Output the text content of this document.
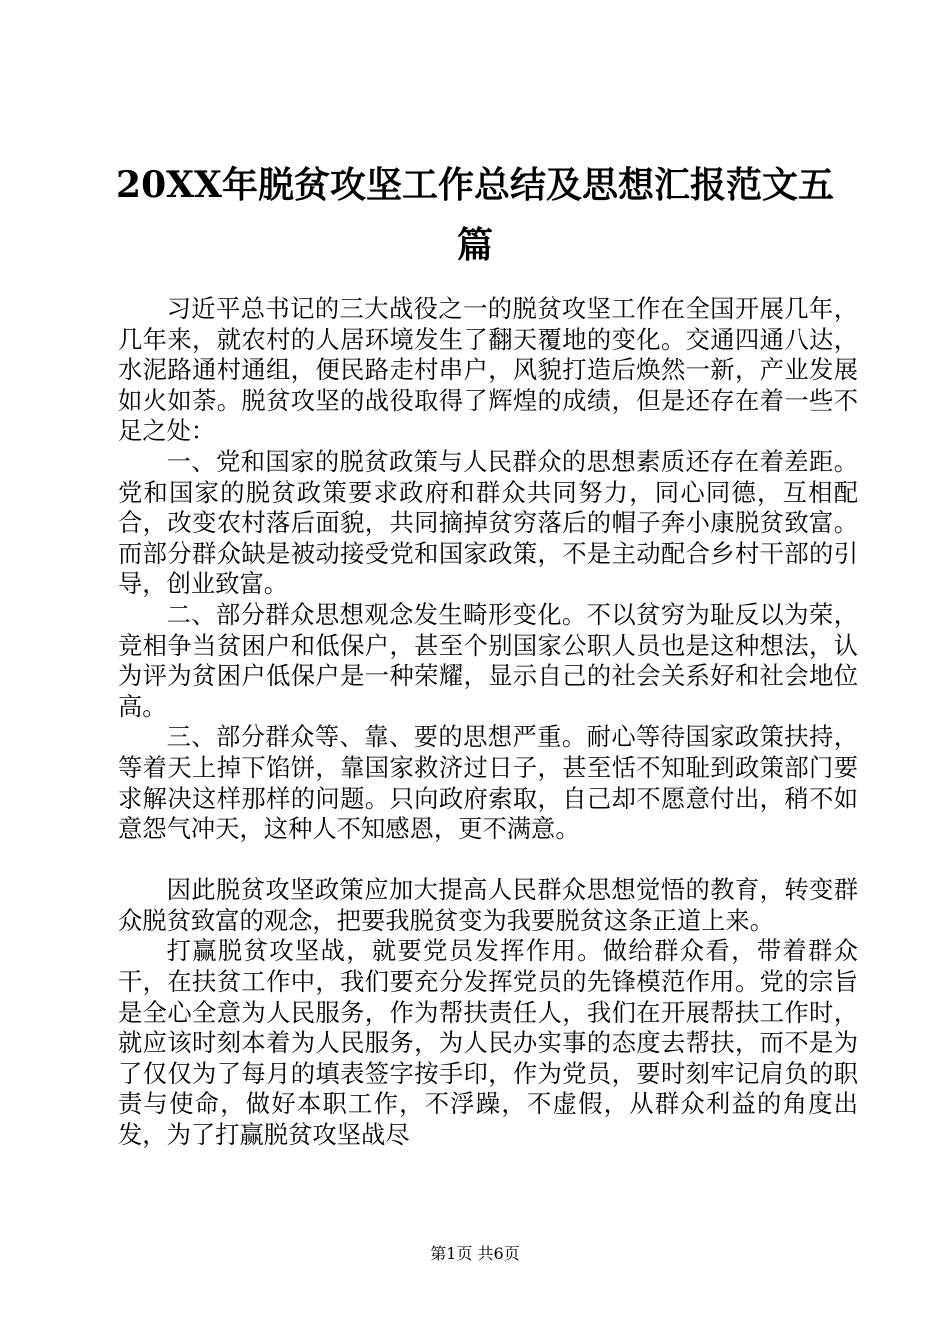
20XX年脱贫攻坚工作总结及思想汇报范文五篇

习近平总书记的三大战役之一的脱贫攻坚工作在全国开展几年，几年来，就农村的人居环境发生了翻天覆地的变化。交通四通八达，水泥路通村通组，便民路走村串户，风貌打造后焕然一新，产业发展如火如荼。脱贫攻坚的战役取得了辉煌的成绩，但是还存在着一些不足之处：

一、党和国家的脱贫政策与人民群众的思想素质还存在着差距。党和国家的脱贫政策要求政府和群众共同努力，同心同德，互相配合，改变农村落后面貌，共同摘掉贫穷落后的帽子奔小康脱贫致富。而部分群众缺是被动接受党和国家政策，不是主动配合乡村干部的引导，创业致富。

二、部分群众思想观念发生畸形变化。不以贫穷为耻反以为荣，竞相争当贫困户和低保户，甚至个别国家公职人员也是这种想法，认为评为贫困户低保户是一种荣耀，显示自己的社会关系好和社会地位高。

三、部分群众等、靠、要的思想严重。耐心等待国家政策扶持，等着天上掉下馅饼，靠国家救济过日子，甚至恬不知耻到政策部门要求解决这样那样的问题。只向政府索取，自己却不愿意付出，稍不如意怨气冲天，这种人不知感恩，更不满意。

因此脱贫攻坚政策应加大提高人民群众思想觉悟的教育，转变群众脱贫致富的观念，把要我脱贫变为我要脱贫这条正道上来。

打赢脱贫攻坚战，就要党员发挥作用。做给群众看，带着群众干，在扶贫工作中，我们要充分发挥党员的先锋模范作用。党的宗旨是全心全意为人民服务，作为帮扶责任人，我们在开展帮扶工作时，就应该时刻本着为人民服务，为人民办实事的态度去帮扶，而不是为了仅仅为了每月的填表签字按手印，作为党员，要时刻牢记肩负的职责与使命，做好本职工作，不浮躁，不虚假，从群众利益的角度出发，为了打赢脱贫攻坚战尽

第1页 共6页
